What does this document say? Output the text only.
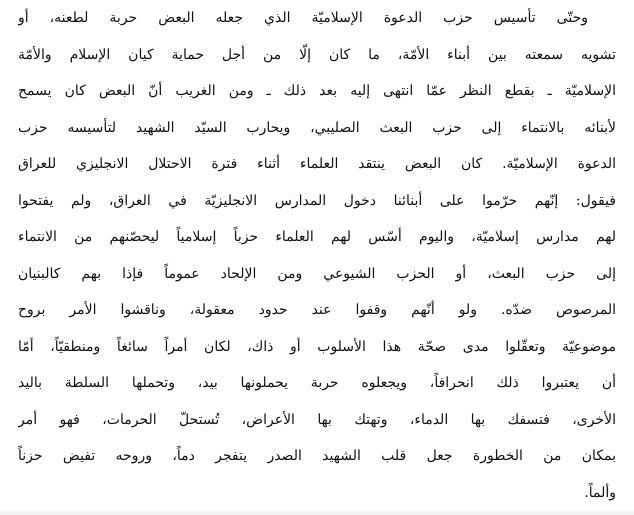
وحتّى تأسيس حزب الدعوة الإسلاميّة الذي جعله البعض حربة لطعنه، أو
تشويه سمعته بين أبناء الأمّة، ما كان إلّا من أجل حماية كيان الإسلام والأمّة
الإسلاميّة ـ بقطع النظر عمّا انتهى إليه بعد ذلك ـ ومن الغريب أنّ البعض كان يسمح
لأبنائه بالانتماء إلى حزب البعث الصليبي، ويحارب السيّد الشهيد لتأسيسه حزب
الدعوة الإسلاميّة. كان البعض ينتقد العلماء أثناء فترة الاحتلال الانجليزي للعراق
فيقول: إنّهم حرّموا على أبنائنا دخول المدارس الانجليزيّة في العراق، ولم يفتحوا
لهم مدارس إسلاميّة، واليوم أسّس لهم العلماء حزباً إسلامياً ليحصّنهم من الانتماء
إلى حزب البعث، أو الحزب الشيوعي ومن الإلحاد عموماً فإذا بهم كالبنيان
المرصوص ضدّه. ولو أنّهم وقفوا عند حدود معقولة، وناقشوا الأمر بروح
موضوعيّة وتعقّلوا مدى صحّة هذا الأسلوب أو ذاك، لكان أمراً سائغاً ومنطقيّاً، أمّا
أن يعتبروا ذلك انحرافاً، ويجعلوه حربة يحملونها بيد، وتحملها السلطة باليد
الأخرى، فتسفك بها الدماء، وتهتك بها الأعراض، تُستحلّ الحرمات، فهو أمر
بمكان من الخطورة جعل قلب الشهيد الصدر يتفجر دماً، وروحه تفيض حزناً
وألماً.
